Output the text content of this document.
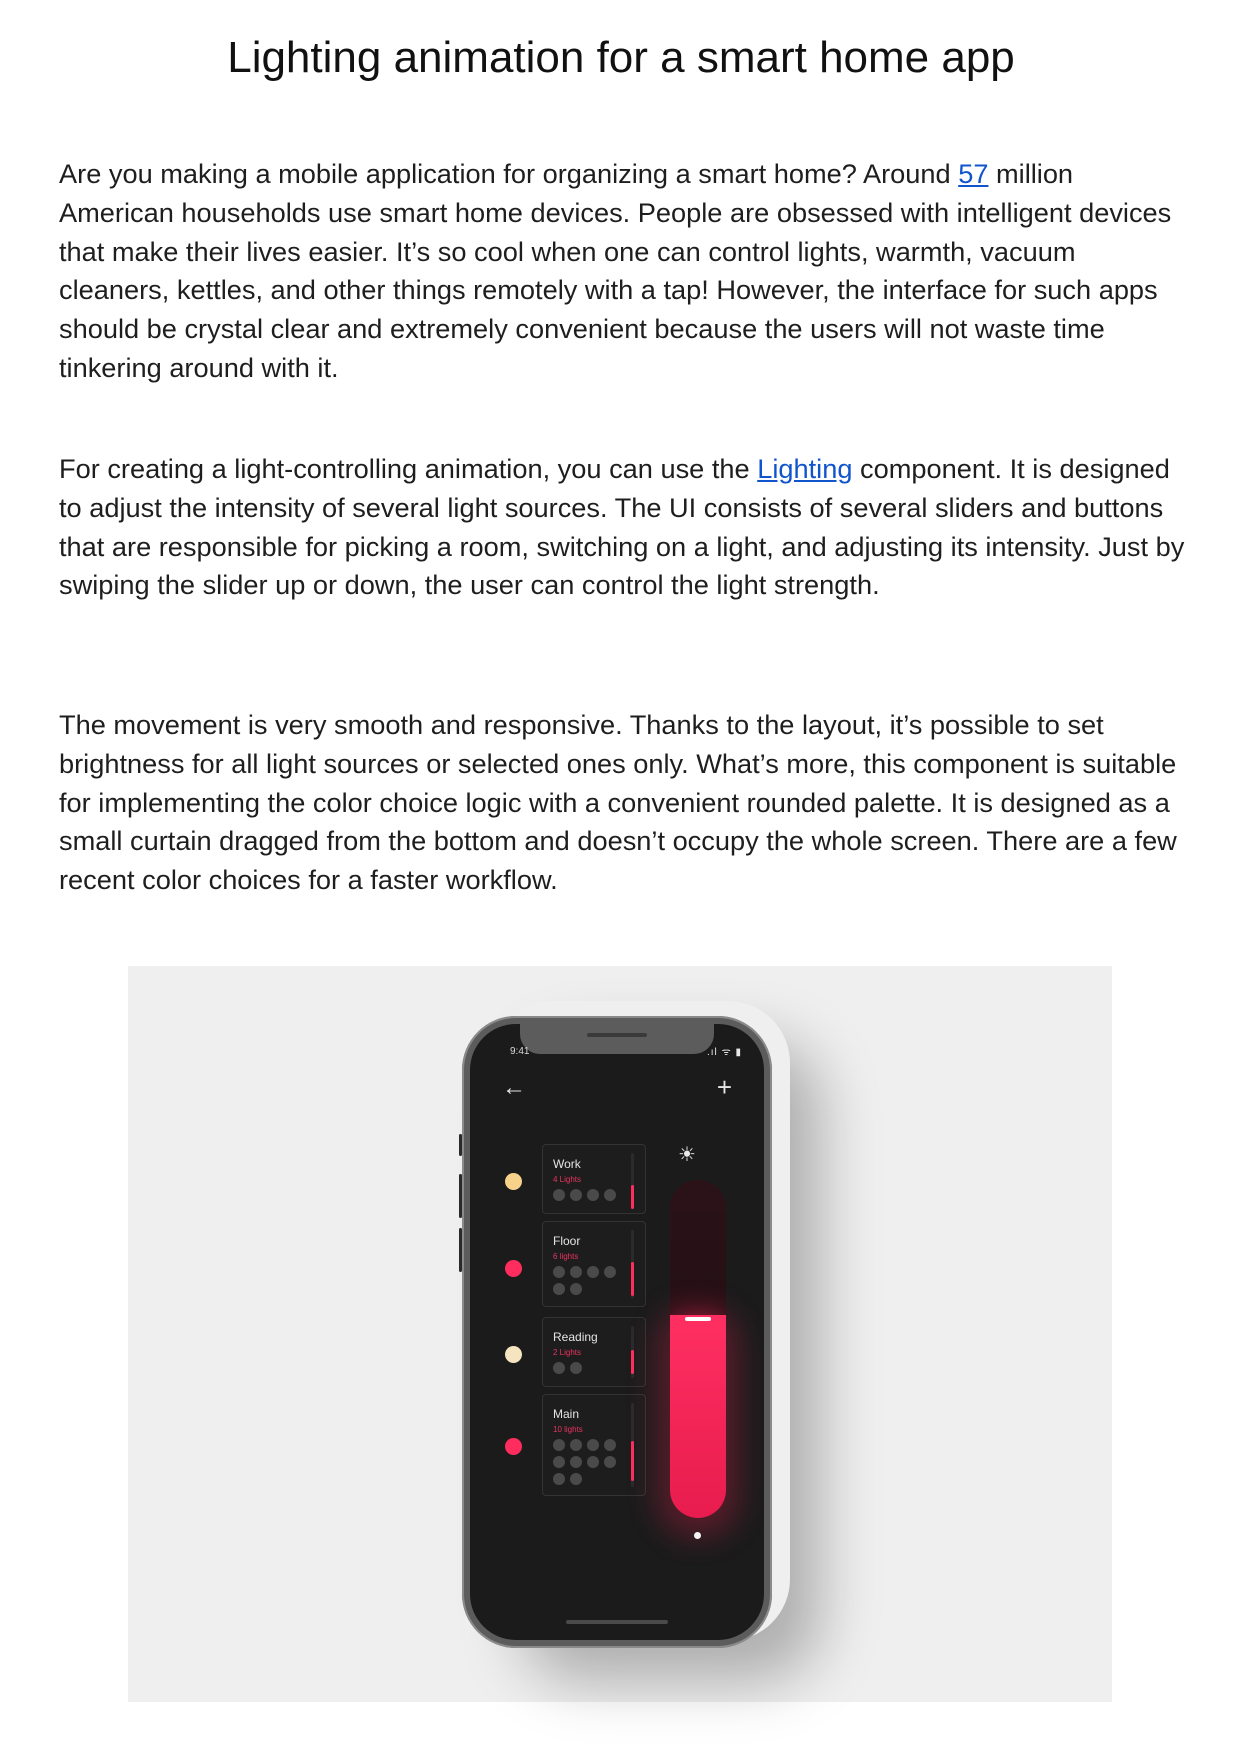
Lighting animation for a smart home app

Are you making a mobile application for organizing a smart home? Around 57 million American households use smart home devices. People are obsessed with intelligent devices that make their lives easier. It’s so cool when one can control lights, warmth, vacuum cleaners, kettles, and other things remotely with a tap! However, the interface for such apps should be crystal clear and extremely convenient because the users will not waste time tinkering around with it.

For creating a light-controlling animation, you can use the Lighting component. It is designed to adjust the intensity of several light sources. The UI consists of several sliders and buttons that are responsible for picking a room, switching on a light, and adjusting its intensity. Just by swiping the slider up or down, the user can control the light strength.

The movement is very smooth and responsive. Thanks to the layout, it’s possible to set brightness for all light sources or selected ones only. What’s more, this component is suitable for implementing the color choice logic with a convenient rounded palette. It is designed as a small curtain dragged from the bottom and doesn’t occupy the whole screen. There are a few recent color choices for a faster workflow.

9:41	.ıl ᯤ ▮
←	+
Work
4 Lights
Floor
6 lights
Reading
2 Lights
Main
10 lights
☀
